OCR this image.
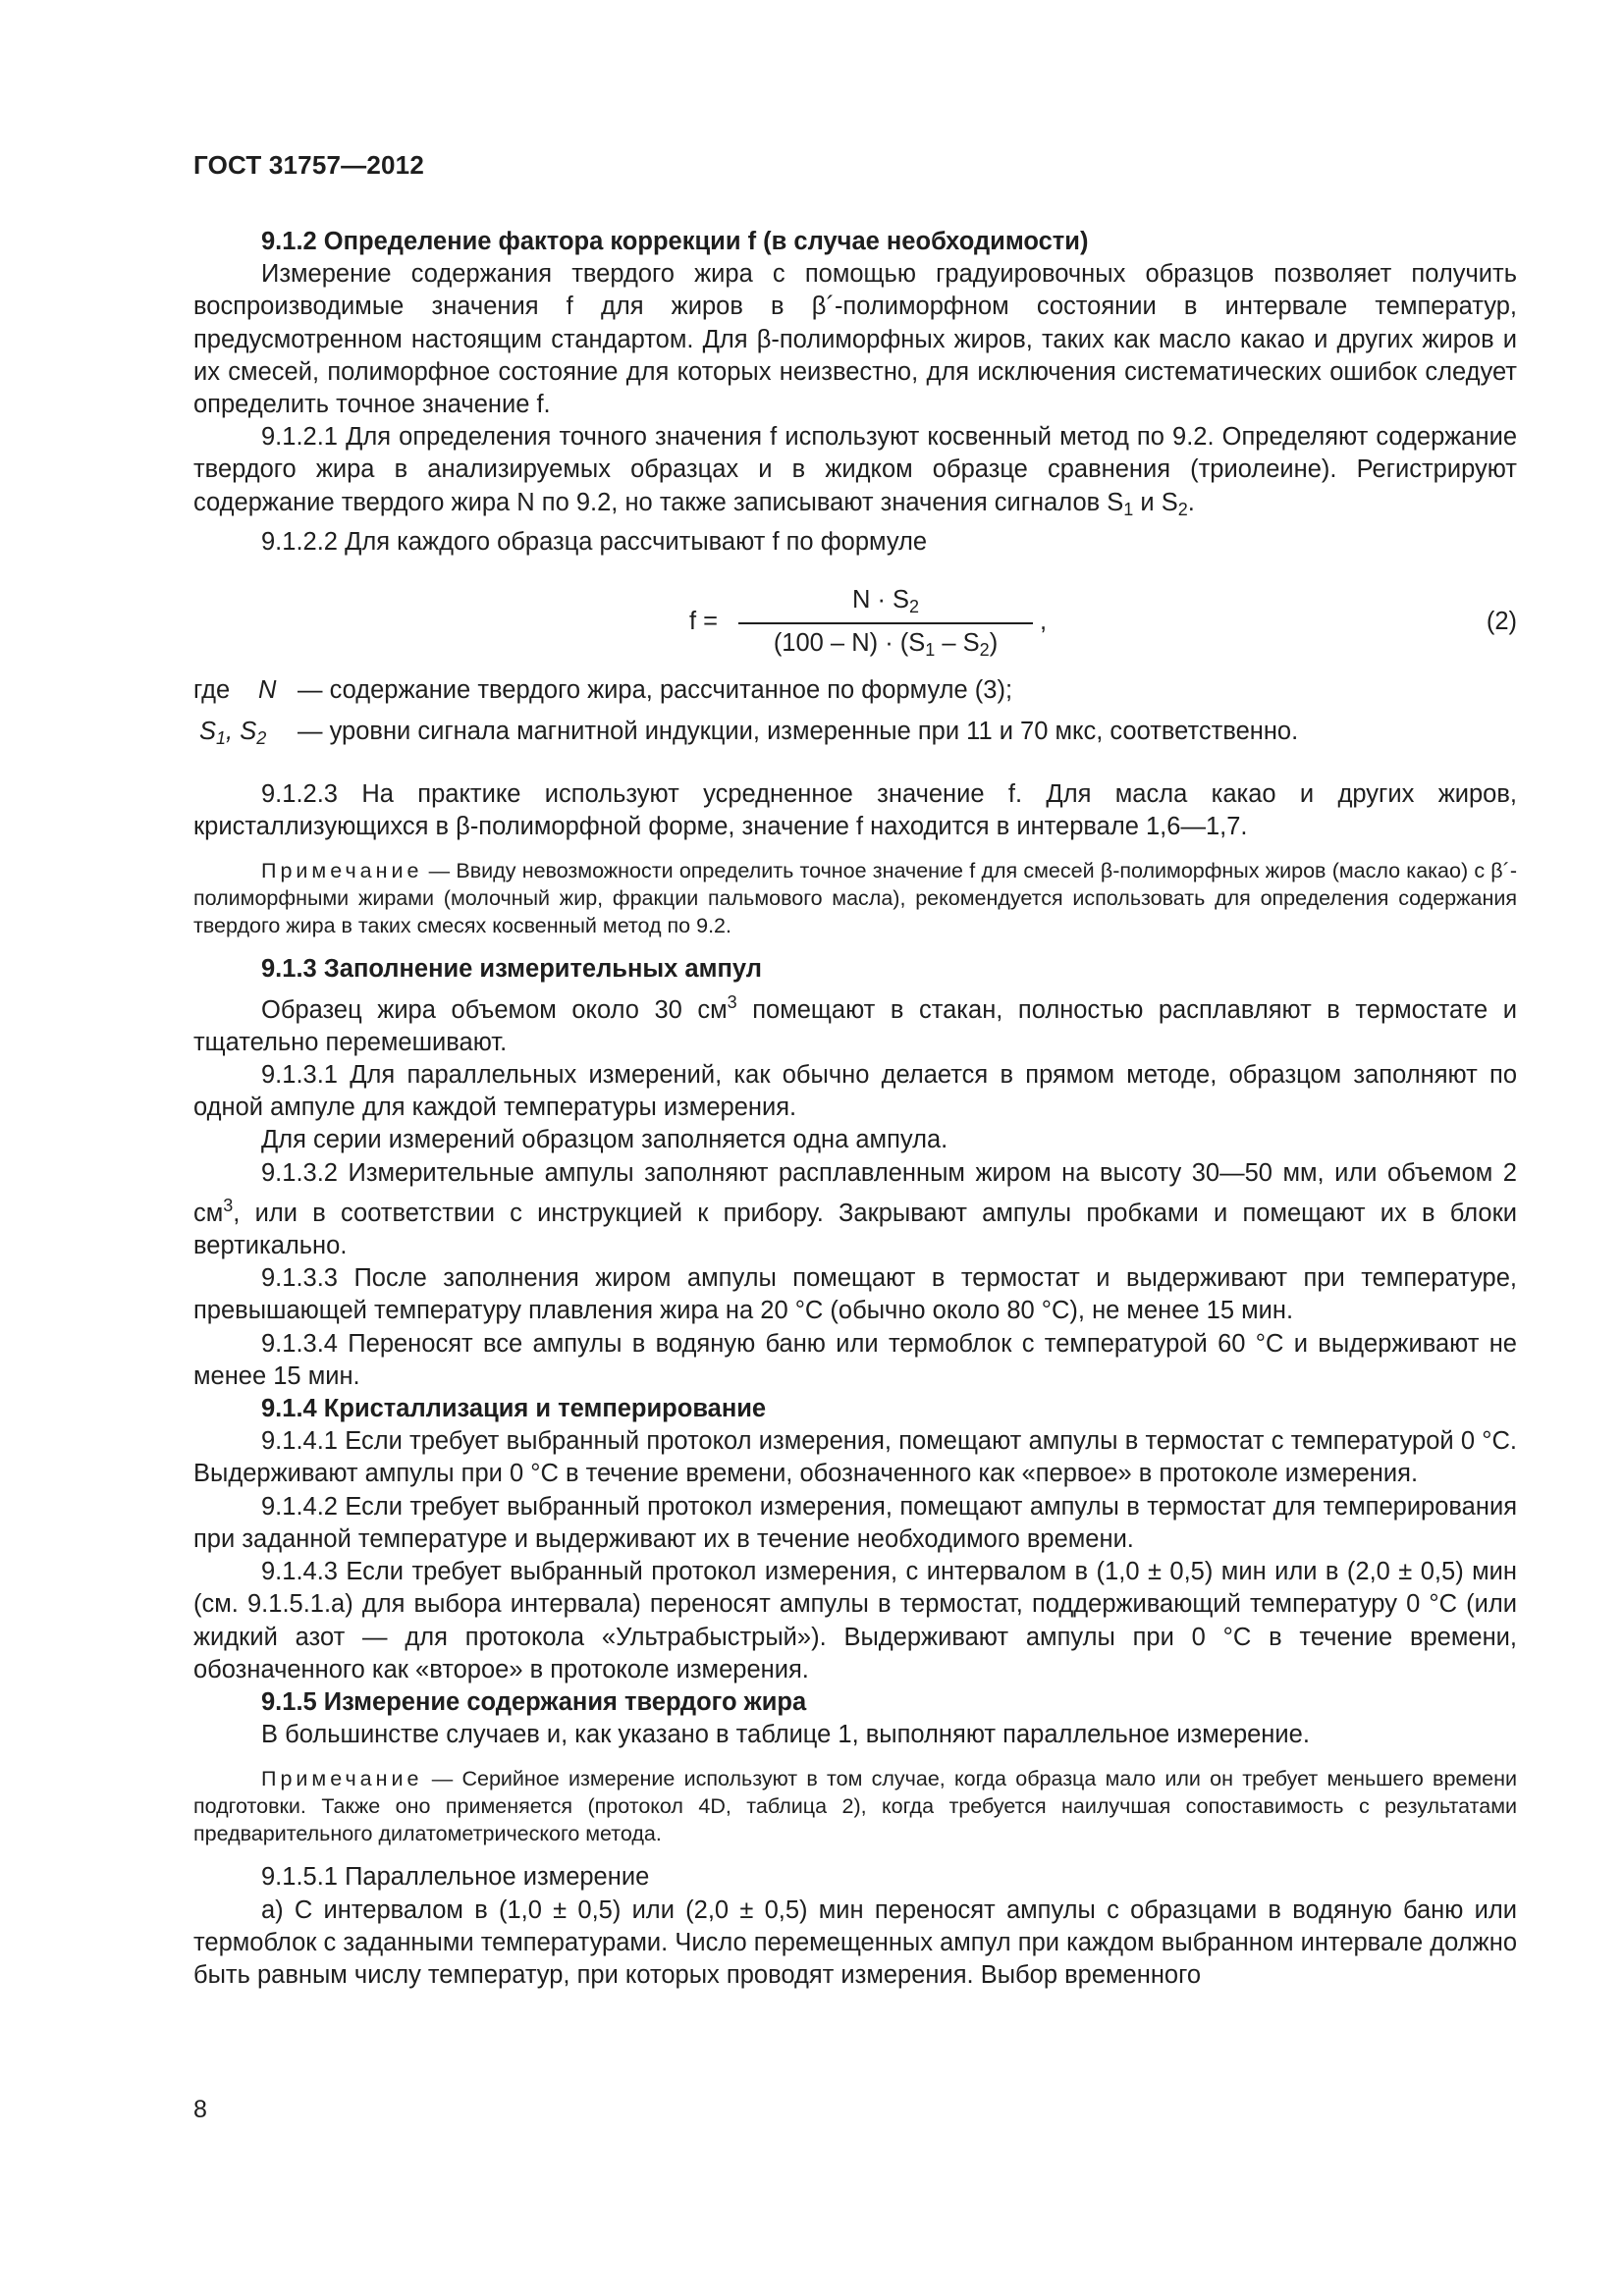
ГОСТ 31757—2012

9.1.2 Определение фактора коррекции f (в случае необходимости)

Измерение содержания твердого жира с помощью градуировочных образцов позволяет получить воспроизводимые значения f для жиров в β´-полиморфном состоянии в интервале температур, предусмотренном настоящим стандартом. Для β-полиморфных жиров, таких как масло какао и других жиров и их смесей, полиморфное состояние для которых неизвестно, для исключения систематических ошибок следует определить точное значение f.

9.1.2.1 Для определения точного значения f используют косвенный метод по 9.2. Определяют содержание твердого жира в анализируемых образцах и в жидком образце сравнения (триолеине). Регистрируют содержание твердого жира N по 9.2, но также записывают значения сигналов $S_1$ и $S_2$.

9.1.2.2 Для каждого образца рассчитывают f по формуле

f =
$N \cdot S_2$
$(100 - N) \cdot (S_1 - S_2)$
,	(2)
где N — содержание твердого жира, рассчитанное по формуле (3);
$S_1$, $S_2$ — уровни сигнала магнитной индукции, измеренные при 11 и 70 мкс, соответственно.

9.1.2.3 На практике используют усредненное значение f. Для масла какао и других жиров, кристаллизующихся в β-полиморфной форме, значение f находится в интервале 1,6—1,7.

Примечание — Ввиду невозможности определить точное значение f для смесей β-полиморфных жиров (масло какао) с β´-полиморфными жирами (молочный жир, фракции пальмового масла), рекомендуется использовать для определения содержания твердого жира в таких смесях косвенный метод по 9.2.

9.1.3 Заполнение измерительных ампул

Образец жира объемом около 30 $см^3$ помещают в стакан, полностью расплавляют в термостате и тщательно перемешивают.

9.1.3.1 Для параллельных измерений, как обычно делается в прямом методе, образцом заполняют по одной ампуле для каждой температуры измерения.

Для серии измерений образцом заполняется одна ампула.

9.1.3.2 Измерительные ампулы заполняют расплавленным жиром на высоту 30—50 мм, или объемом 2 $см^3$, или в соответствии с инструкцией к прибору. Закрывают ампулы пробками и помещают их в блоки вертикально.

9.1.3.3 После заполнения жиром ампулы помещают в термостат и выдерживают при температуре, превышающей температуру плавления жира на 20 °С (обычно около 80 °С), не менее 15 мин.

9.1.3.4 Переносят все ампулы в водяную баню или термоблок с температурой 60 °С и выдерживают не менее 15 мин.

9.1.4 Кристаллизация и темперирование

9.1.4.1 Если требует выбранный протокол измерения, помещают ампулы в термостат с температурой 0 °С. Выдерживают ампулы при 0 °С в течение времени, обозначенного как «первое» в протоколе измерения.

9.1.4.2 Если требует выбранный протокол измерения, помещают ампулы в термостат для темперирования при заданной температуре и выдерживают их в течение необходимого времени.

9.1.4.3 Если требует выбранный протокол измерения, с интервалом в (1,0 ± 0,5) мин или в (2,0 ± 0,5) мин (см. 9.1.5.1.а) для выбора интервала) переносят ампулы в термостат, поддерживающий температуру 0 °С (или жидкий азот — для протокола «Ультрабыстрый»). Выдерживают ампулы при 0 °С в течение времени, обозначенного как «второе» в протоколе измерения.

9.1.5 Измерение содержания твердого жира

В большинстве случаев и, как указано в таблице 1, выполняют параллельное измерение.

Примечание — Серийное измерение используют в том случае, когда образца мало или он требует меньшего времени подготовки. Также оно применяется (протокол 4D, таблица 2), когда требуется наилучшая сопоставимость с результатами предварительного дилатометрического метода.

9.1.5.1 Параллельное измерение

а) С интервалом в (1,0 ± 0,5) или (2,0 ± 0,5) мин переносят ампулы с образцами в водяную баню или термоблок с заданными температурами. Число перемещенных ампул при каждом выбранном интервале должно быть равным числу температур, при которых проводят измерения. Выбор временного

8
